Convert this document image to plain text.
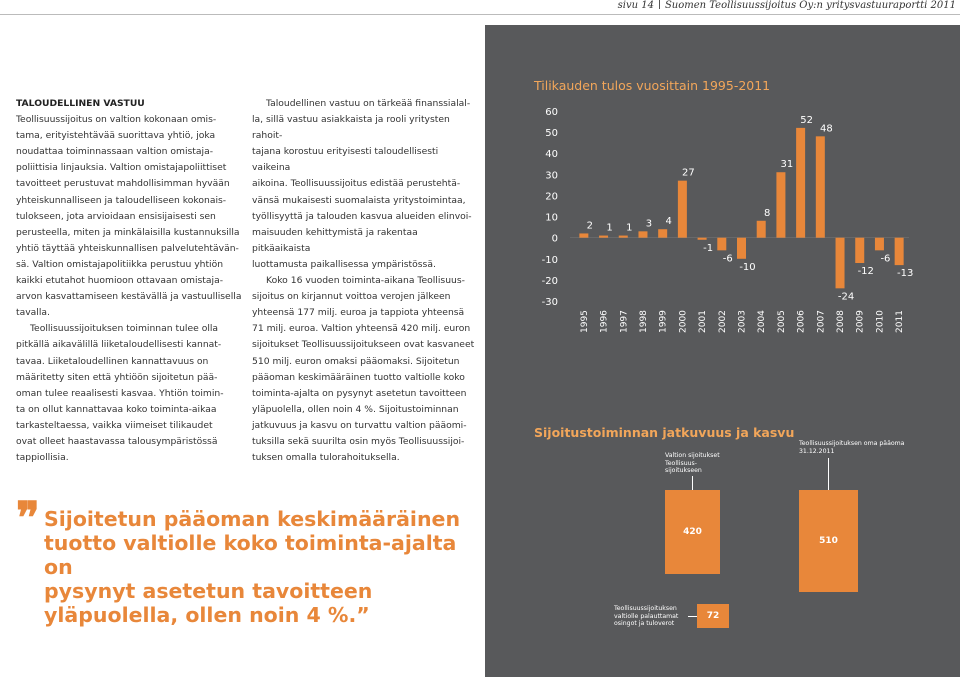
sivu 14 Suomen Teollisuussijoitus Oy:n yritysvastuuraportti 2011

TALOUDELLINEN VASTUU

Teollisuussijoitus on valtion kokonaan omis-

tama, erityistehtävää suorittava yhtiö, joka

noudattaa toiminnassaan valtion omistaja-

poliittisia linjauksia. Valtion omistajapoliittiset

tavoitteet perustuvat mahdollisimman hyvään

yhteiskunnalliseen ja taloudelliseen kokonais-

tulokseen, jota arvioidaan ensisijaisesti sen

perusteella, miten ja minkälaisilla kustannuksilla

yhtiö täyttää yhteiskunnallisen palvelutehtävän-

sä. Valtion omistajapolitiikka perustuu yhtiön

kaikki etutahot huomioon ottavaan omistaja-

arvon kasvattamiseen kestävällä ja vastuullisella

tavalla.

Teollisuussijoituksen toiminnan tulee olla

pitkällä aikavälillä liiketaloudellisesti kannat-

tavaa. Liiketaloudellinen kannattavuus on

määritetty siten että yhtiöön sijoitetun pää-

oman tulee reaalisesti kasvaa. Yhtiön toimin-

ta on ollut kannattavaa koko toiminta-aikaa

tarkasteltaessa, vaikka viimeiset tilikaudet

ovat olleet haastavassa talousympäristössä

tappiollisia.

Taloudellinen vastuu on tärkeää finanssialal-

la, sillä vastuu asiakkaista ja rooli yritysten rahoit-

tajana korostuu erityisesti taloudellisesti vaikeina

aikoina. Teollisuussijoitus edistää perustehtä-

vänsä mukaisesti suomalaista yritystoimintaa,

työllisyyttä ja talouden kasvua alueiden elinvoi-

maisuuden kehittymistä ja rakentaa pitkäaikaista

luottamusta paikallisessa ympäristössä.

Koko 16 vuoden toiminta-aikana Teollisuus-

sijoitus on kirjannut voittoa verojen jälkeen

yhteensä 177 milj. euroa ja tappiota yhteensä

71 milj. euroa. Valtion yhteensä 420 milj. euron

sijoitukset Teollisuussijoitukseen ovat kasvaneet

510 milj. euron omaksi pääomaksi. Sijoitetun

pääoman keskimääräinen tuotto valtiolle koko

toiminta-ajalta on pysynyt asetetun tavoitteen

yläpuolella, ollen noin 4 %. Sijoitustoiminnan

jatkuvuus ja kasvu on turvattu valtion pääomi-

tuksilla sekä suurilta osin myös Teollisuussijoi-

tuksen omalla tulorahoituksella.

❞ Sijoitetun pääoman keskimääräinen
tuotto valtiolle koko toiminta-ajalta on
pysynyt asetetun tavoitteen
yläpuolella, ollen noin 4 %.”
Tilikauden tulos vuosittain 1995-2011
60
50
40
30
20
10
0
-10
-20
-30
2
1995
1
1996
1
1997
3
1998
4
1999
27
2000
-1
2001
-6
2002
-10
2003
8
2004
31
2005
52
2006
48
2007
-24
2008
-12
2009
-6
2010
-13
2011
Sijoitustoiminnan jatkuvuus ja kasvu
Valtion sijoitukset Teollisuus-sijoitukseen
420
Teollisuussijoituksen oma pääoma 31.12.2011
510
Teollisuussijoituksen valtiolle palauttamat osingot ja tuloverot
72
